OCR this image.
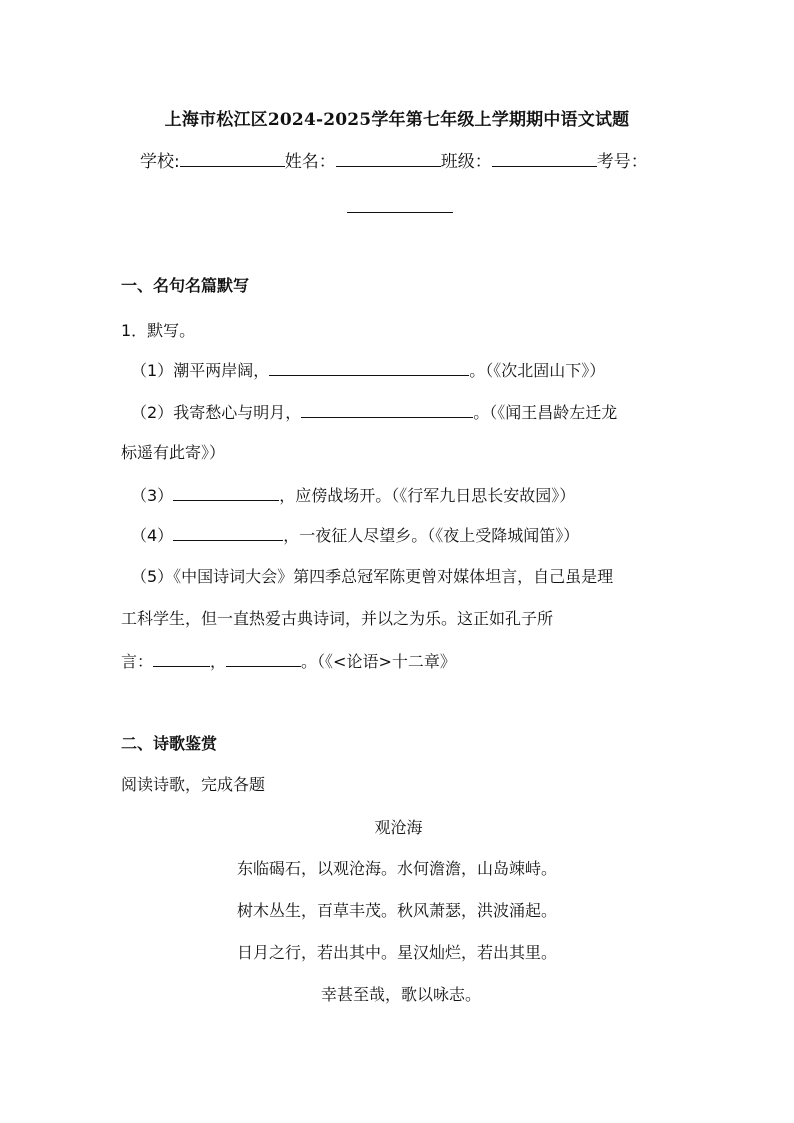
上海市松江区2024-2025学年第七年级上学期期中语文试题
学校:	姓名：	班级：	考号：
一、名句名篇默写
1．默写。
（1）潮平两岸阔，	。（《次北固山下》）
（2）我寄愁心与明月，	。（《闻王昌龄左迁龙
标遥有此寄》）
（3）	，应傍战场开。（《行军九日思长安故园》）
（4）	，一夜征人尽望乡。（《夜上受降城闻笛》）
（5）《中国诗词大会》第四季总冠军陈更曾对媒体坦言，自己虽是理
工科学生，但一直热爱古典诗词，并以之为乐。这正如孔子所
言：	，	。（《<论语>十二章》
二、诗歌鉴赏
阅读诗歌，完成各题
观沧海
东临碣石，以观沧海。水何澹澹，山岛竦峙。
树木丛生，百草丰茂。秋风萧瑟，洪波涌起。
日月之行，若出其中。星汉灿烂，若出其里。
幸甚至哉，歌以咏志。
